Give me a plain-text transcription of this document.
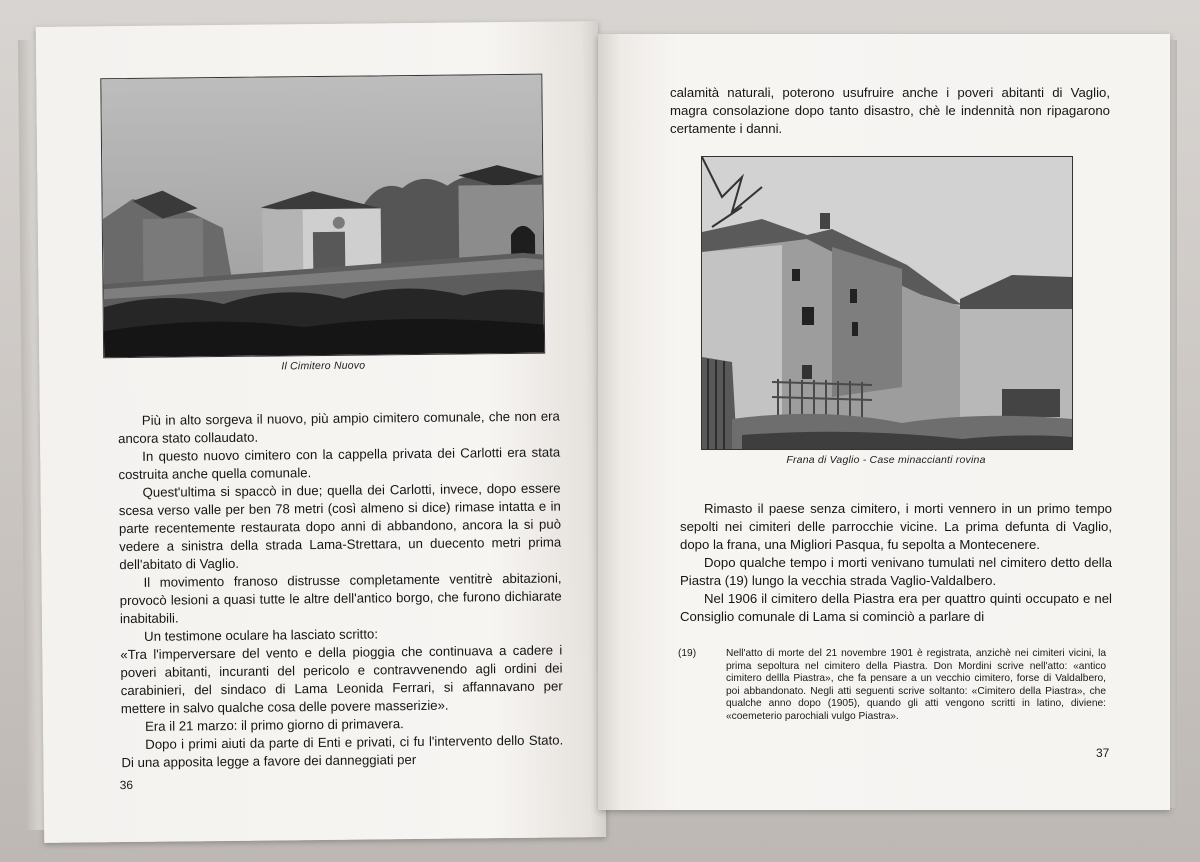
Il Cimitero Nuovo

Più in alto sorgeva il nuovo, più ampio cimitero comunale, che non era ancora stato collaudato.

In questo nuovo cimitero con la cappella privata dei Carlotti era stata costruita anche quella comunale.

Quest'ultima si spaccò in due; quella dei Carlotti, invece, dopo essere scesa verso valle per ben 78 metri (così almeno si dice) rimase intatta e in parte recentemente restaurata dopo anni di abbandono, ancora la si può vedere a sinistra della strada Lama-Strettara, un duecento metri prima dell'abitato di Vaglio.

Il movimento franoso distrusse completamente ventitrè abitazioni, provocò lesioni a quasi tutte le altre dell'antico borgo, che furono dichiarate inabitabili.

Un testimone oculare ha lasciato scritto:

«Tra l'imperversare del vento e della pioggia che continuava a cadere i poveri abitanti, incuranti del pericolo e contravvenendo agli ordini dei carabinieri, del sindaco di Lama Leonida Ferrari, si affannavano per mettere in salvo qualche cosa delle povere masserizie».

Era il 21 marzo: il primo giorno di primavera.

Dopo i primi aiuti da parte di Enti e privati, ci fu l'intervento dello Stato. Di una apposita legge a favore dei danneggiati per

36

calamità naturali, poterono usufruire anche i poveri abitanti di Vaglio, magra consolazione dopo tanto disastro, chè le indennità non ripagarono certamente i danni.

Frana di Vaglio - Case minaccianti rovina

Rimasto il paese senza cimitero, i morti vennero in un primo tempo sepolti nei cimiteri delle parrocchie vicine. La prima defunta di Vaglio, dopo la frana, una Migliori Pasqua, fu sepolta a Montecenere.

Dopo qualche tempo i morti venivano tumulati nel cimitero detto della Piastra (19) lungo la vecchia strada Vaglio-Valdalbero.

Nel 1906 il cimitero della Piastra era per quattro quinti occupato e nel Consiglio comunale di Lama si cominciò a parlare di

(19)	Nell'atto di morte del 21 novembre 1901 è registrata, anzichè nei cimiteri vicini, la prima sepoltura nel cimitero della Piastra. Don Mordini scrive nell'atto: «antico cimitero dellla Piastra», che fa pensare a un vecchio cimitero, forse di Valdalbero, poi abbandonato. Negli atti seguenti scrive soltanto: «Cimitero della Piastra», che qualche anno dopo (1905), quando gli atti vengono scritti in latino, diviene: «coemeterio parochiali vulgo Piastra».
37
